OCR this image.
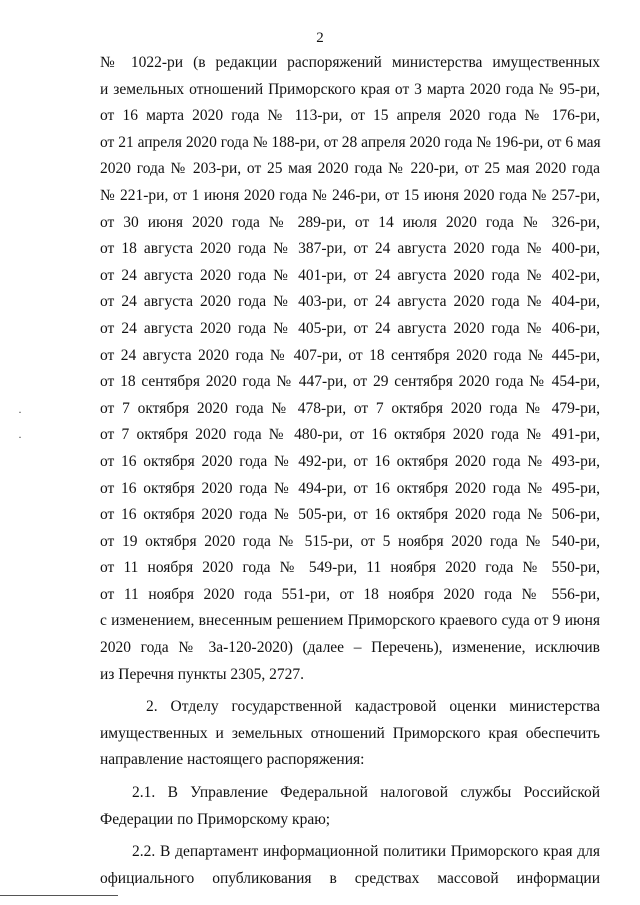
2
·
·
№ 1022-ри (в редакции распоряжений министерства имущественных
и земельных отношений Приморского края от 3 марта 2020 года № 95-ри,
от 16 марта 2020 года № 113-ри, от 15 апреля 2020 года № 176-ри,
от 21 апреля 2020 года № 188-ри, от 28 апреля 2020 года № 196-ри, от 6 мая
2020 года № 203-ри, от 25 мая 2020 года № 220-ри, от 25 мая 2020 года
№ 221-ри, от 1 июня 2020 года № 246-ри, от 15 июня 2020 года № 257-ри,
от 30 июня 2020 года № 289-ри, от 14 июля 2020 года № 326-ри,
от 18 августа 2020 года № 387-ри, от 24 августа 2020 года № 400-ри,
от 24 августа 2020 года № 401-ри, от 24 августа 2020 года № 402-ри,
от 24 августа 2020 года № 403-ри, от 24 августа 2020 года № 404-ри,
от 24 августа 2020 года № 405-ри, от 24 августа 2020 года № 406-ри,
от 24 августа 2020 года № 407-ри, от 18 сентября 2020 года № 445-ри,
от 18 сентября 2020 года № 447-ри, от 29 сентября 2020 года № 454-ри,
от 7 октября 2020 года № 478-ри, от 7 октября 2020 года № 479-ри,
от 7 октября 2020 года № 480-ри, от 16 октября 2020 года № 491-ри,
от 16 октября 2020 года № 492-ри, от 16 октября 2020 года № 493-ри,
от 16 октября 2020 года № 494-ри, от 16 октября 2020 года № 495-ри,
от 16 октября 2020 года № 505-ри, от 16 октября 2020 года № 506-ри,
от 19 октября 2020 года № 515-ри, от 5 ноября 2020 года № 540-ри,
от 11 ноября 2020 года № 549-ри, 11 ноября 2020 года № 550-ри,
от 11 ноября 2020 года 551-ри, от 18 ноября 2020 года № 556-ри,
с изменением, внесенным решением Приморского краевого суда от 9 июня
2020 года № 3а-120-2020) (далее – Перечень), изменение, исключив
из Перечня пункты 2305, 2727.
2. Отделу государственной кадастровой оценки министерства
имущественных и земельных отношений Приморского края обеспечить
направление настоящего распоряжения:
2.1. В Управление Федеральной налоговой службы Российской
Федерации по Приморскому краю;
2.2. В департамент информационной политики Приморского края для
официального опубликования в средствах массовой информации
